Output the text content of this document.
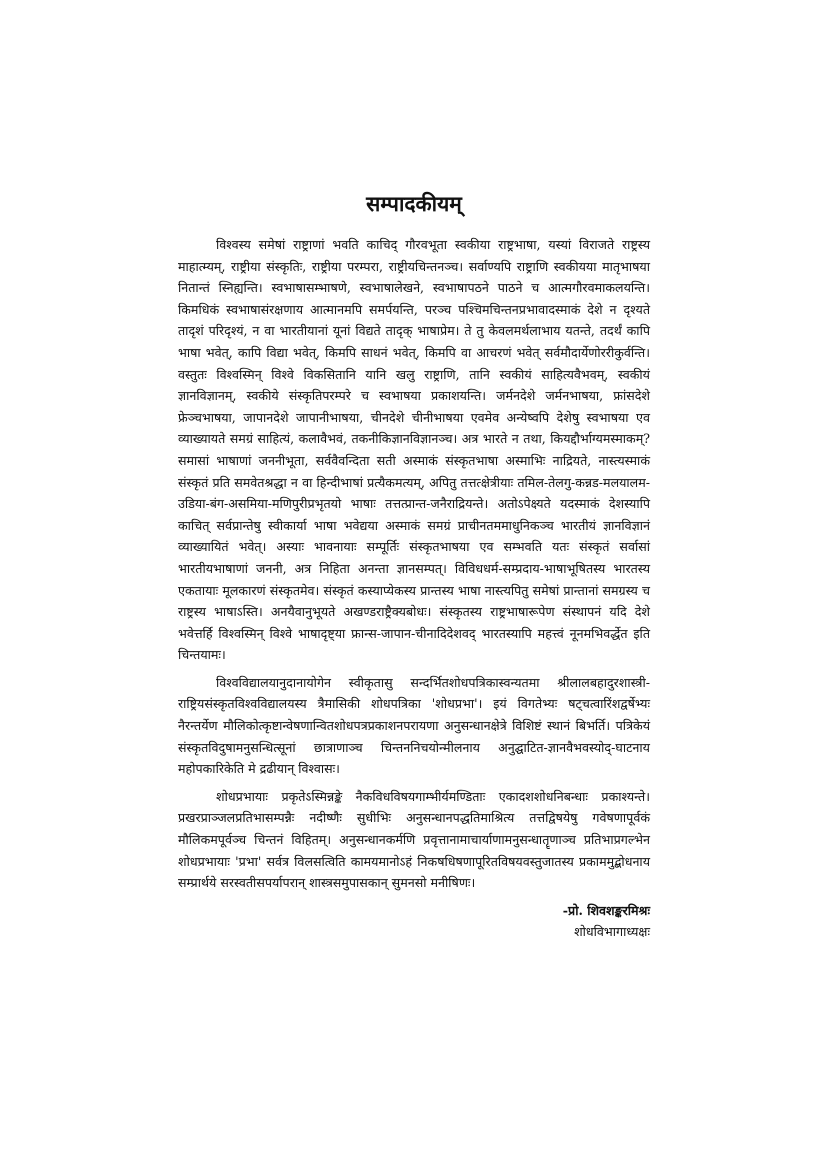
सम्पादकीयम्

विश्वस्य समेषां राष्ट्राणां भवति काचिद् गौरवभूता स्वकीया राष्ट्रभाषा, यस्यां विराजते राष्ट्रस्य माहात्म्यम्, राष्ट्रीया संस्कृतिः, राष्ट्रीया परम्परा, राष्ट्रीयचिन्तनञ्च। सर्वाण्यपि राष्ट्राणि स्वकीयया मातृभाषया नितान्तं स्निह्यन्ति। स्वभाषासम्भाषणे, स्वभाषालेखने, स्वभाषापठने पाठने च आत्मगौरवमाकलयन्ति। किमधिकं स्वभाषासंरक्षणाय आत्मानमपि समर्पयन्ति, परञ्च पश्चिमचिन्तनप्रभावादस्माकं देशे न दृश्यते तादृशं परिदृश्यं, न वा भारतीयानां यूनां विद्यते तादृक् भाषाप्रेम। ते तु केवलमर्थलाभाय यतन्ते, तदर्थं कापि भाषा भवेत्, कापि विद्या भवेत्, किमपि साधनं भवेत्, किमपि वा आचरणं भवेत् सर्वमौदार्येणोररीकुर्वन्ति। वस्तुतः विश्वस्मिन् विश्वे विकसितानि यानि खलु राष्ट्राणि, तानि स्वकीयं साहित्यवैभवम्, स्वकीयं ज्ञानविज्ञानम्, स्वकीये संस्कृतिपरम्परे च स्वभाषया प्रकाशयन्ति। जर्मनदेशे जर्मनभाषया, फ्रांसदेशे फ्रेञ्चभाषया, जापानदेशे जापानीभाषया, चीनदेशे चीनीभाषया एवमेव अन्येष्वपि देशेषु स्वभाषया एव व्याख्यायते समग्रं साहित्यं, कलावैभवं, तकनीकिज्ञानविज्ञानञ्च। अत्र भारते न तथा, कियद्दौर्भाग्यमस्माकम्? समासां भाषाणां जननीभूता, सर्ववैवन्दिता सती अस्माकं संस्कृतभाषा अस्माभिः नाद्रियते, नास्त्यस्माकं संस्कृतं प्रति समवेतश्रद्धा न वा हिन्दीभाषां प्रत्यैकमत्यम्, अपितु तत्तत्क्षेत्रीयाः तमिल-तेलगु-कन्नड-मलयालम-उडिया-बंग-असमिया-मणिपुरीप्रभृतयो भाषाः तत्तत्प्रान्त-जनैराद्रियन्ते। अतोऽपेक्ष्यते यदस्माकं देशस्यापि काचित् सर्वप्रान्तेषु स्वीकार्या भाषा भवेद्यया अस्माकं समग्रं प्राचीनतममाधुनिकञ्च भारतीयं ज्ञानविज्ञानं व्याख्यायितं भवेत्। अस्याः भावनायाः सम्पूर्तिः संस्कृतभाषया एव सम्भवति यतः संस्कृतं सर्वासां भारतीयभाषाणां जननी, अत्र निहिता अनन्ता ज्ञानसम्पत्। विविधधर्म-सम्प्रदाय-भाषाभूषितस्य भारतस्य एकतायाः मूलकारणं संस्कृतमेव। संस्कृतं कस्याप्येकस्य प्रान्तस्य भाषा नास्त्यपितु समेषां प्रान्तानां समग्रस्य च राष्ट्रस्य भाषाऽस्ति। अनयैवानुभूयते अखण्डराष्ट्रैक्यबोधः। संस्कृतस्य राष्ट्रभाषारूपेण संस्थापनं यदि देशे भवेत्तर्हि विश्वस्मिन् विश्वे भाषादृष्ट्या फ्रान्स-जापान-चीनादिदेशवद् भारतस्यापि महत्त्वं नूनमभिवर्द्धेत इति चिन्तयामः।

विश्वविद्यालयानुदानायोगेन स्वीकृतासु सन्दर्भितशोधपत्रिकास्वन्यतमा श्रीलालबहादुरशास्त्री-राष्ट्रियसंस्कृतविश्वविद्यालयस्य त्रैमासिकी शोधपत्रिका 'शोधप्रभा'। इयं विगतेभ्यः षट्चत्वारिंशद्वर्षेभ्यः नैरन्तर्येण मौलिकोत्कृष्टान्वेषणान्वितशोधपत्रप्रकाशनपरायणा अनुसन्धानक्षेत्रे विशिष्टं स्थानं बिभर्ति। पत्रिकेयं संस्कृतविदुषामनुसन्धित्सूनां छात्राणाञ्च चिन्तननिचयोन्मीलनाय अनुद्घाटित-ज्ञानवैभवस्योद्-घाटनाय महोपकारिकेति मे द्रढीयान् विश्वासः।

शोधप्रभायाः प्रकृतेऽस्मिन्नङ्के नैकविधविषयगाम्भीर्यमण्डिताः एकादशशोधनिबन्धाः प्रकाश्यन्ते। प्रखरप्राञ्जलप्रतिभासम्पन्नैः नदीष्णैः सुधीभिः अनुसन्धानपद्धतिमाश्रित्य तत्तद्विषयेषु गवेषणापूर्वकं मौलिकमपूर्वञ्च चिन्तनं विहितम्। अनुसन्धानकर्मणि प्रवृत्तानामाचार्याणामनुसन्धातॄणाञ्च प्रतिभाप्रगल्भेन शोधप्रभायाः 'प्रभा' सर्वत्र विलसत्विति कामयमानोऽहं निकषधिषणापूरितविषयवस्तुजातस्य प्रकाममुद्बोधनाय सम्प्रार्थये सरस्वतीसपर्यापरान् शास्त्रसमुपासकान् सुमनसो मनीषिणः।

-प्रो. शिवशङ्करमिश्रः

शोधविभागाध्यक्षः
